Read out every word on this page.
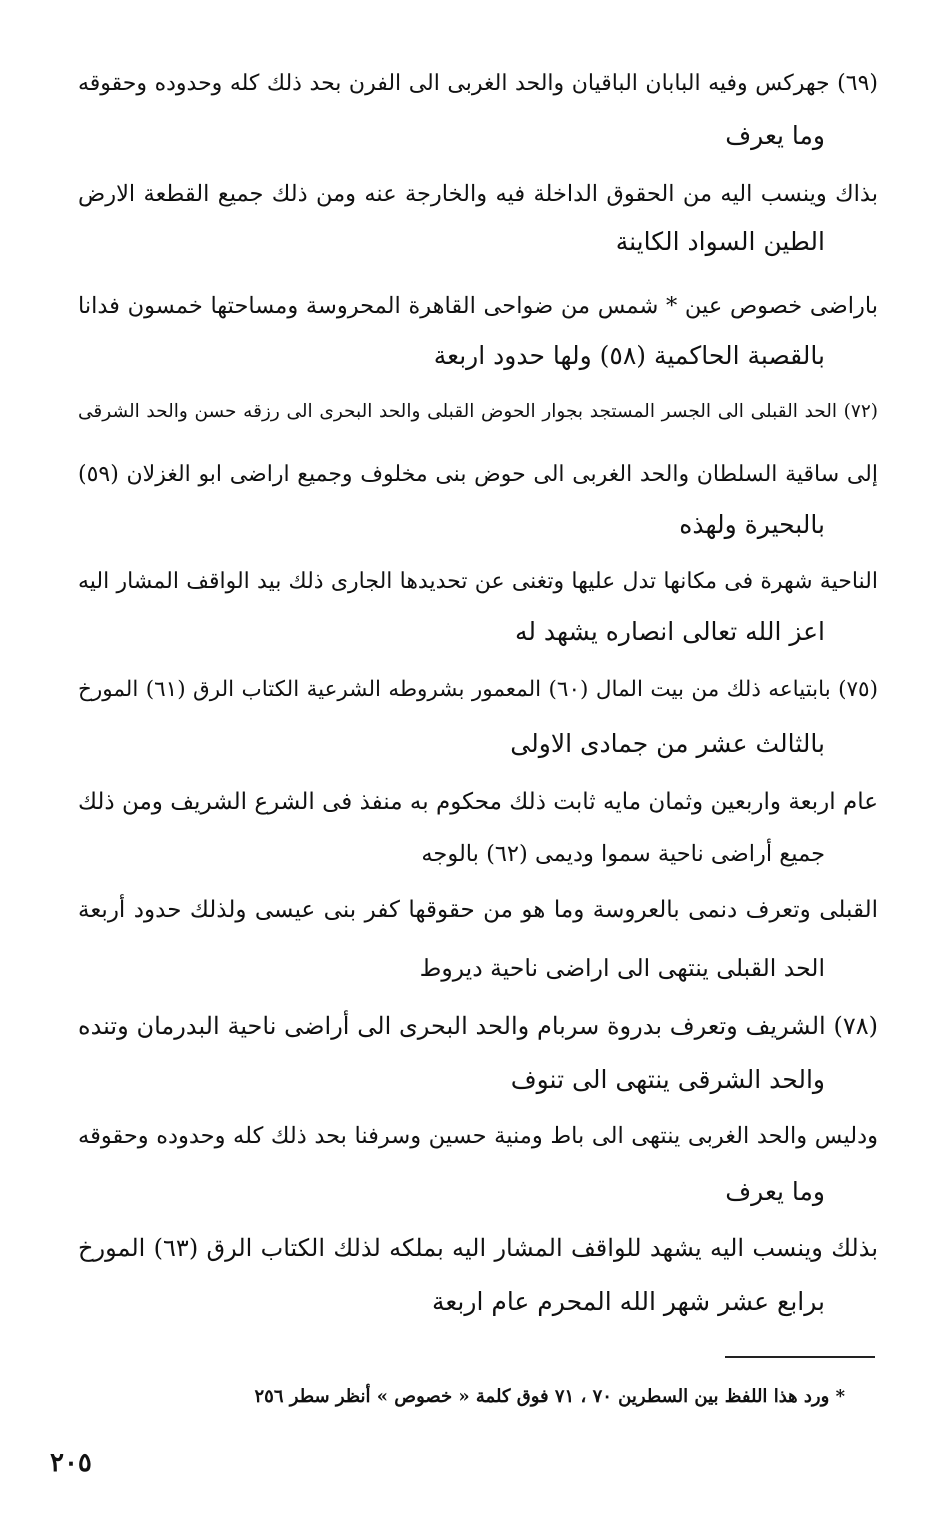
(٦٩) جهركس وفيه البابان الباقيان والحد الغربى الى الفرن بحد ذلك كله وحدوده وحقوقه
وما يعرف
بذاك وينسب اليه من الحقوق الداخلة فيه والخارجة عنه ومن ذلك جميع القطعة الارض
الطين السواد الكاينة
باراضى خصوص عين * شمس من ضواحى القاهرة المحروسة ومساحتها خمسون فدانا
بالقصبة الحاكمية (٥٨) ولها حدود اربعة
(٧٢) الحد القبلى الى الجسر المستجد بجوار الحوض القبلى والحد البحرى الى رزقه حسن والحد الشرقى
إلى ساقية السلطان والحد الغربى الى حوض بنى مخلوف وجميع اراضى ابو الغزلان (٥٩)
بالبحيرة ولهذه
الناحية شهرة فى مكانها تدل عليها وتغنى عن تحديدها الجارى ذلك بيد الواقف المشار اليه
اعز الله تعالى انصاره يشهد له
(٧٥) بابتياعه ذلك من بيت المال (٦٠) المعمور بشروطه الشرعية الكتاب الرق (٦١) المورخ
بالثالث عشر من جمادى الاولى
عام اربعة واربعين وثمان مايه ثابت ذلك محكوم به منفذ فى الشرع الشريف ومن ذلك
جميع أراضى ناحية سموا وديمى (٦٢) بالوجه
القبلى وتعرف دنمى بالعروسة وما هو من حقوقها كفر بنى عيسى ولذلك حدود أربعة
الحد القبلى ينتهى الى اراضى ناحية ديروط
(٧٨) الشريف وتعرف بدروة سربام والحد البحرى الى أراضى ناحية البدرمان وتنده
والحد الشرقى ينتهى الى تنوف
ودليس والحد الغربى ينتهى الى باط ومنية حسين وسرفنا بحد ذلك كله وحدوده وحقوقه
وما يعرف
بذلك وينسب اليه يشهد للواقف المشار اليه بملكه لذلك الكتاب الرق (٦٣) المورخ
برابع عشر شهر الله المحرم عام اربعة
* ورد هذا اللفظ بين السطرين ٧٠ ، ٧١ فوق كلمة « خصوص » أنظر سطر ٢٥٦
٢٠٥
